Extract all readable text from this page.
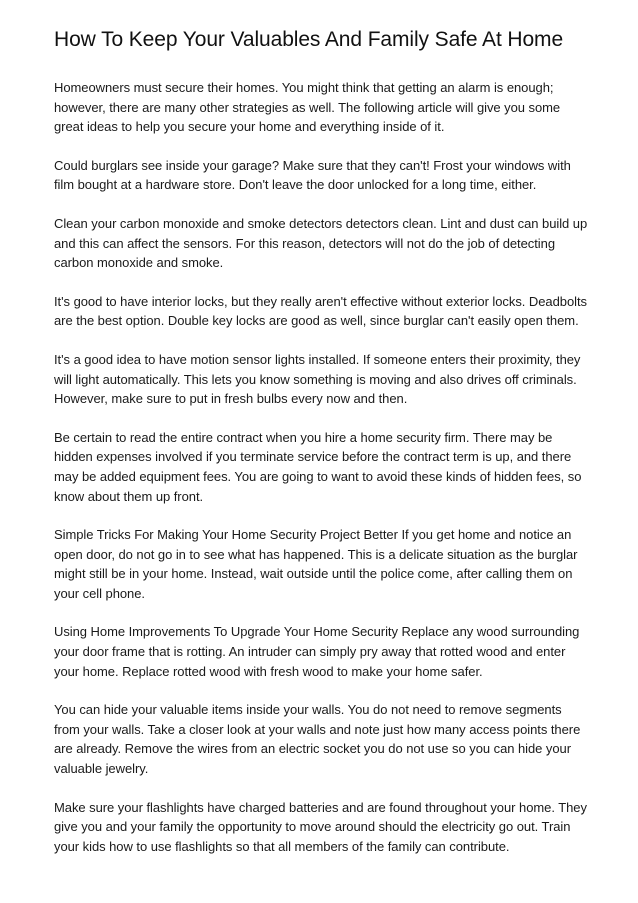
How To Keep Your Valuables And Family Safe At Home

Homeowners must secure their homes. You might think that getting an alarm is enough; however, there are many other strategies as well. The following article will give you some great ideas to help you secure your home and everything inside of it.

Could burglars see inside your garage? Make sure that they can't! Frost your windows with film bought at a hardware store. Don't leave the door unlocked for a long time, either.

Clean your carbon monoxide and smoke detectors detectors clean. Lint and dust can build up and this can affect the sensors. For this reason, detectors will not do the job of detecting carbon monoxide and smoke.

It's good to have interior locks, but they really aren't effective without exterior locks. Deadbolts are the best option. Double key locks are good as well, since burglar can't easily open them.

It's a good idea to have motion sensor lights installed. If someone enters their proximity, they will light automatically. This lets you know something is moving and also drives off criminals. However, make sure to put in fresh bulbs every now and then.

Be certain to read the entire contract when you hire a home security firm. There may be hidden expenses involved if you terminate service before the contract term is up, and there may be added equipment fees. You are going to want to avoid these kinds of hidden fees, so know about them up front.

Simple Tricks For Making Your Home Security Project Better If you get home and notice an open door, do not go in to see what has happened. This is a delicate situation as the burglar might still be in your home. Instead, wait outside until the police come, after calling them on your cell phone.

Using Home Improvements To Upgrade Your Home Security Replace any wood surrounding your door frame that is rotting. An intruder can simply pry away that rotted wood and enter your home. Replace rotted wood with fresh wood to make your home safer.

You can hide your valuable items inside your walls. You do not need to remove segments from your walls. Take a closer look at your walls and note just how many access points there are already. Remove the wires from an electric socket you do not use so you can hide your valuable jewelry.

Make sure your flashlights have charged batteries and are found throughout your home. They give you and your family the opportunity to move around should the electricity go out. Train your kids how to use flashlights so that all members of the family can contribute.
